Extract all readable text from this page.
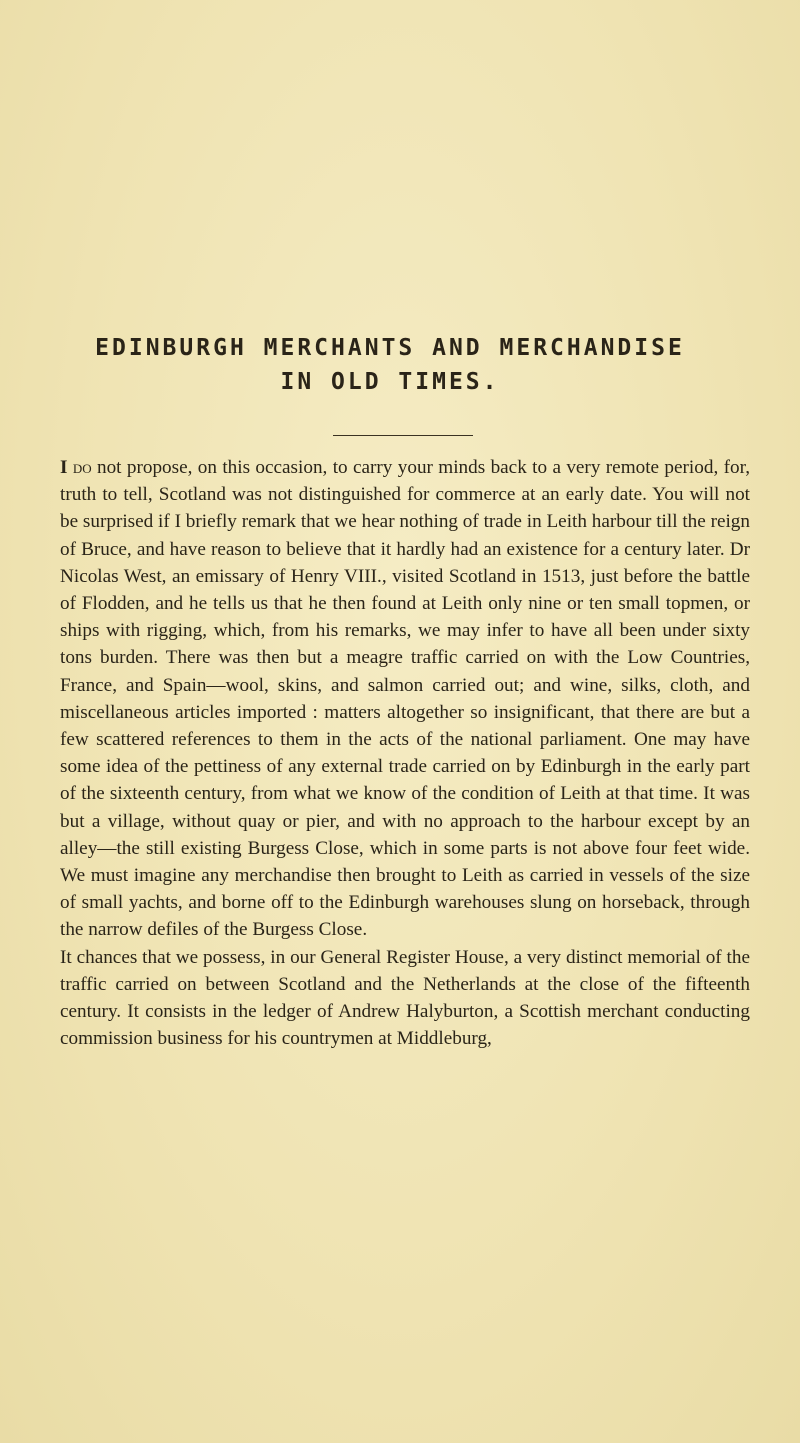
EDINBURGH MERCHANTS AND MERCHANDISE
IN OLD TIMES.

I do not propose, on this occasion, to carry your minds back to a very remote period, for, truth to tell, Scotland was not distinguished for commerce at an early date. You will not be surprised if I briefly remark that we hear nothing of trade in Leith harbour till the reign of Bruce, and have reason to believe that it hardly had an existence for a century later. Dr Nicolas West, an emissary of Henry VIII., visited Scotland in 1513, just before the battle of Flodden, and he tells us that he then found at Leith only nine or ten small topmen, or ships with rigging, which, from his remarks, we may infer to have all been under sixty tons burden. There was then but a meagre traffic carried on with the Low Countries, France, and Spain—wool, skins, and salmon carried out; and wine, silks, cloth, and miscellaneous articles imported : matters altogether so insignificant, that there are but a few scattered references to them in the acts of the national parliament. One may have some idea of the pettiness of any external trade carried on by Edinburgh in the early part of the sixteenth century, from what we know of the condition of Leith at that time. It was but a village, without quay or pier, and with no approach to the harbour except by an alley—the still existing Burgess Close, which in some parts is not above four feet wide. We must imagine any merchandise then brought to Leith as carried in vessels of the size of small yachts, and borne off to the Edinburgh warehouses slung on horseback, through the narrow defiles of the Burgess Close.

It chances that we possess, in our General Register House, a very distinct memorial of the traffic carried on between Scotland and the Netherlands at the close of the fifteenth century. It consists in the ledger of Andrew Halyburton, a Scottish merchant conducting commission business for his countrymen at Middleburg,
